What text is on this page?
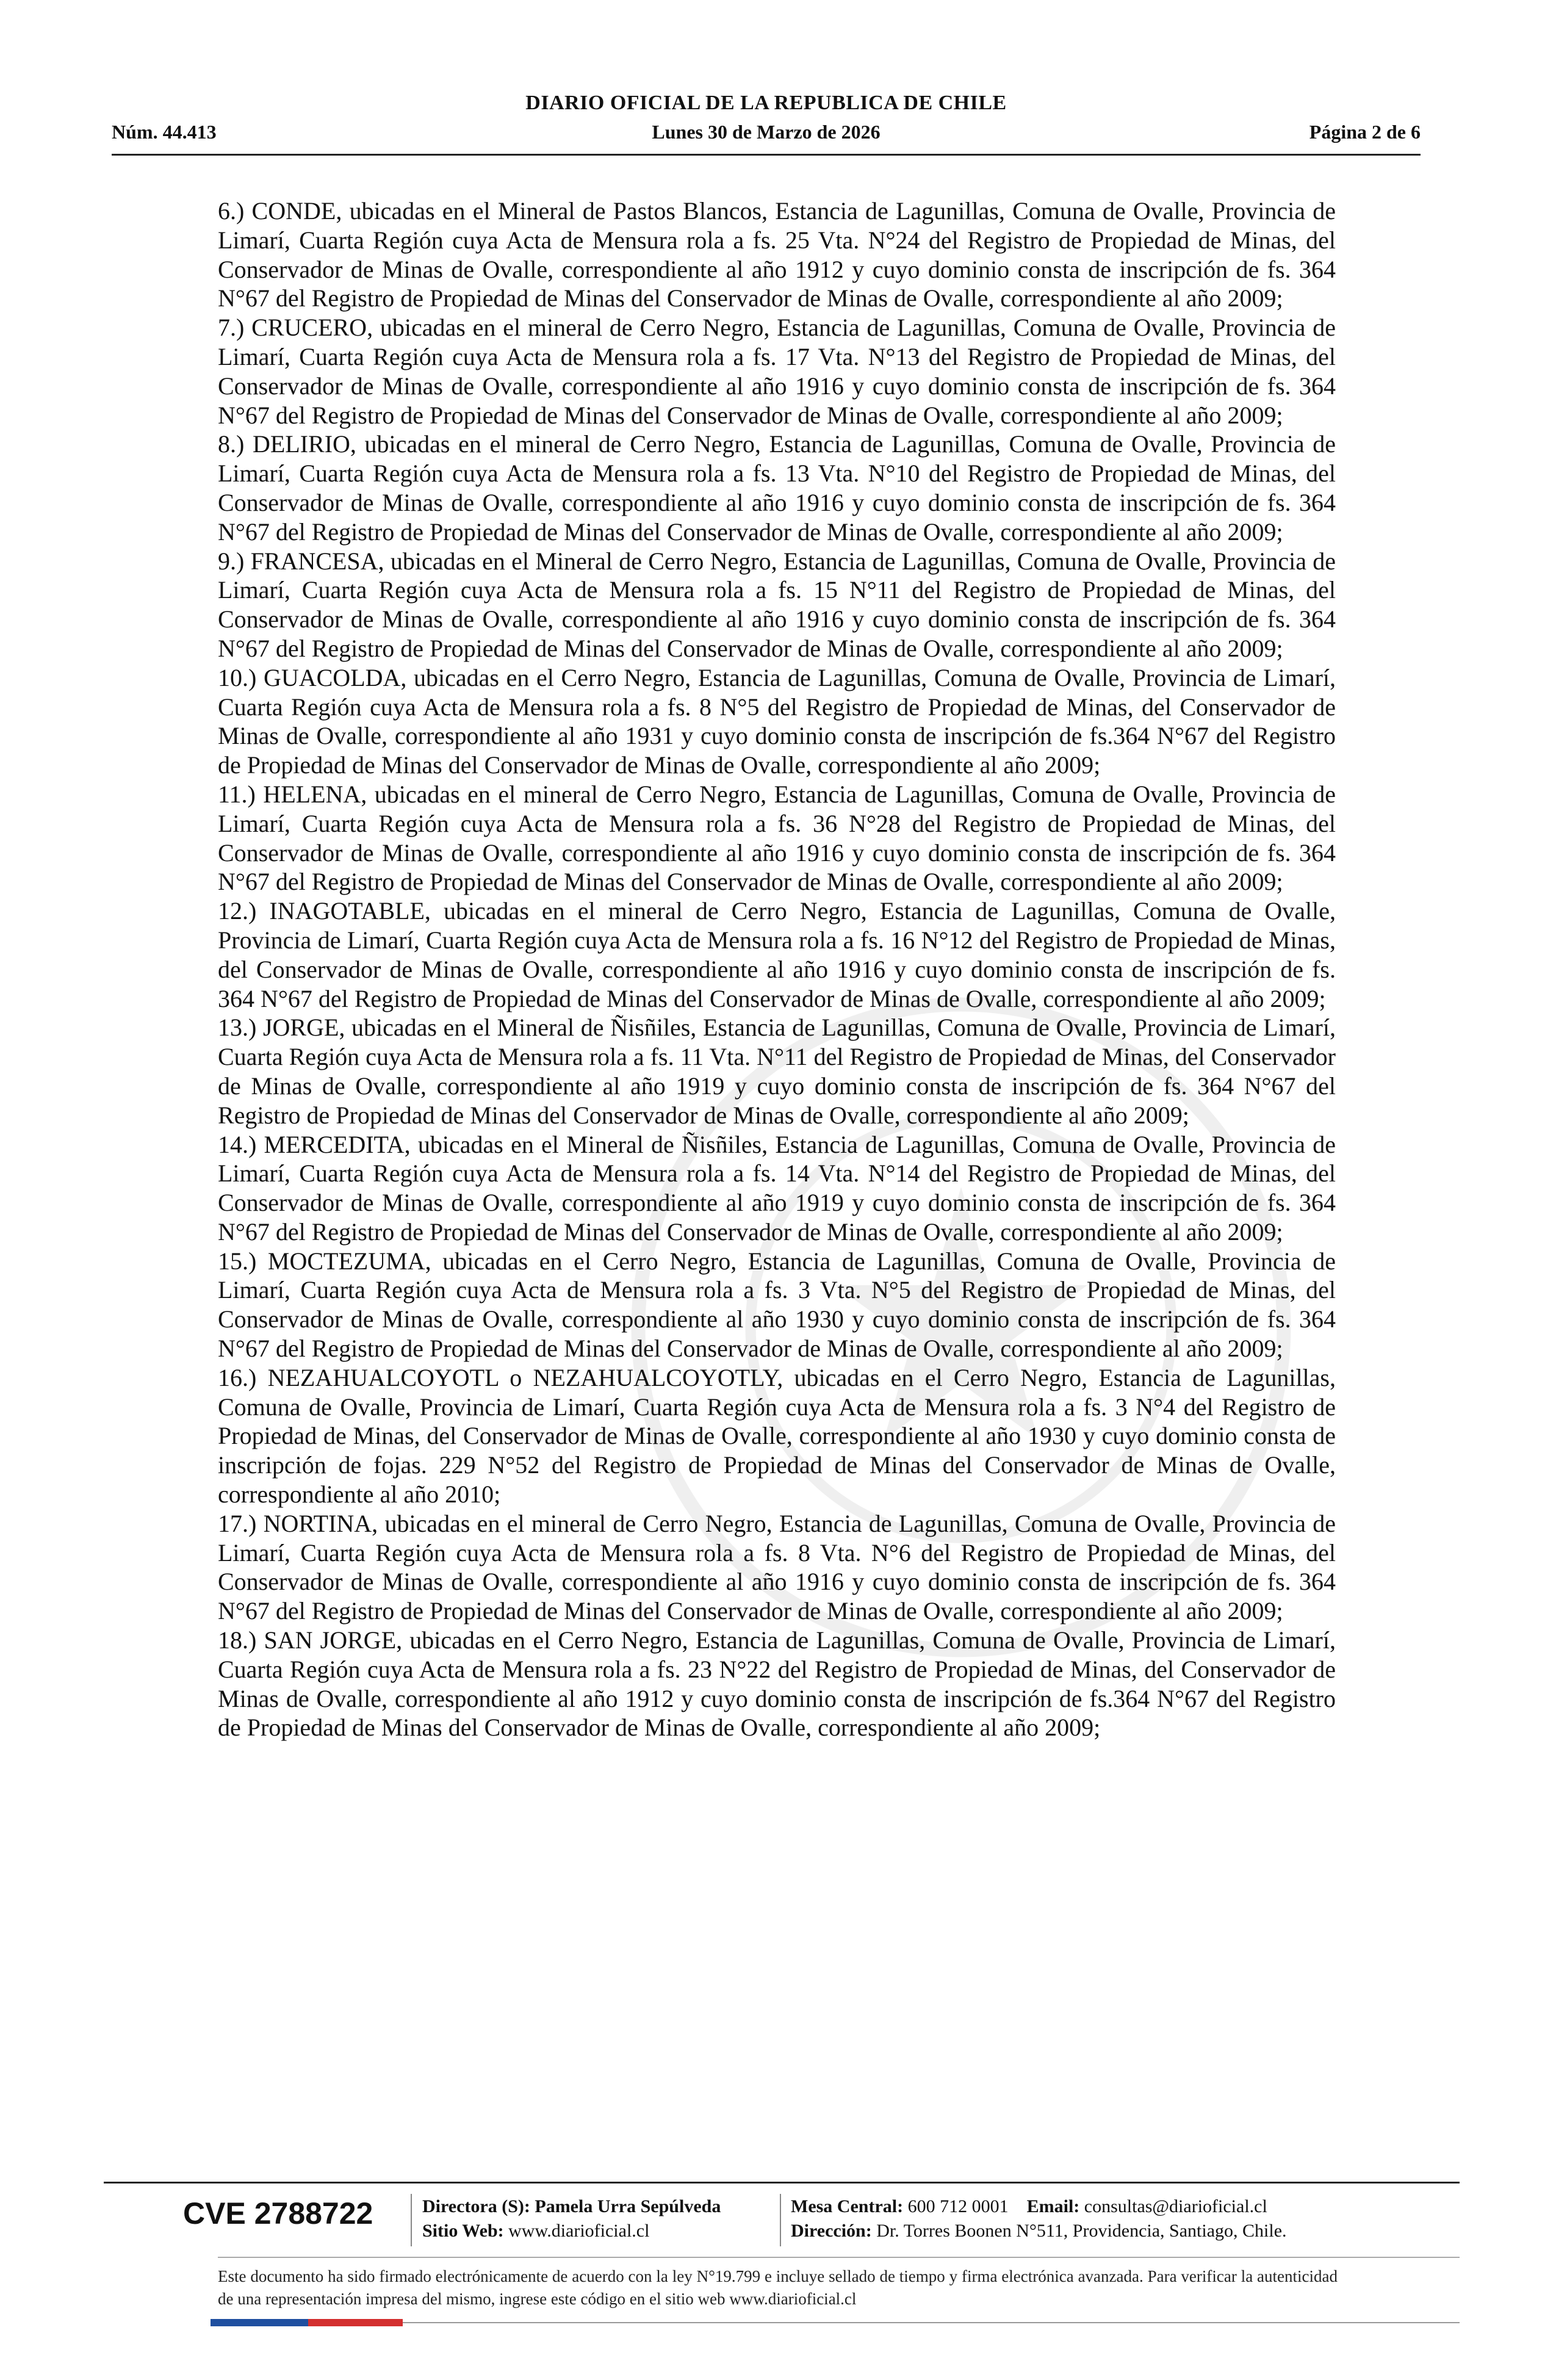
DIARIO OFICIAL DE LA REPUBLICA DE CHILE
Núm. 44.413	Lunes 30 de Marzo de 2026	Página 2 de 6

6.) CONDE, ubicadas en el Mineral de Pastos Blancos, Estancia de Lagunillas, Comuna de Ovalle, Provincia de Limarí, Cuarta Región cuya Acta de Mensura rola a fs. 25 Vta. N°24 del Registro de Propiedad de Minas, del Conservador de Minas de Ovalle, correspondiente al año 1912 y cuyo dominio consta de inscripción de fs. 364 N°67 del Registro de Propiedad de Minas del Conservador de Minas de Ovalle, correspondiente al año 2009;

7.) CRUCERO, ubicadas en el mineral de Cerro Negro, Estancia de Lagunillas, Comuna de Ovalle, Provincia de Limarí, Cuarta Región cuya Acta de Mensura rola a fs. 17 Vta. N°13 del Registro de Propiedad de Minas, del Conservador de Minas de Ovalle, correspondiente al año 1916 y cuyo dominio consta de inscripción de fs. 364 N°67 del Registro de Propiedad de Minas del Conservador de Minas de Ovalle, correspondiente al año 2009;

8.) DELIRIO, ubicadas en el mineral de Cerro Negro, Estancia de Lagunillas, Comuna de Ovalle, Provincia de Limarí, Cuarta Región cuya Acta de Mensura rola a fs. 13 Vta. N°10 del Registro de Propiedad de Minas, del Conservador de Minas de Ovalle, correspondiente al año 1916 y cuyo dominio consta de inscripción de fs. 364 N°67 del Registro de Propiedad de Minas del Conservador de Minas de Ovalle, correspondiente al año 2009;

9.) FRANCESA, ubicadas en el Mineral de Cerro Negro, Estancia de Lagunillas, Comuna de Ovalle, Provincia de Limarí, Cuarta Región cuya Acta de Mensura rola a fs. 15 N°11 del Registro de Propiedad de Minas, del Conservador de Minas de Ovalle, correspondiente al año 1916 y cuyo dominio consta de inscripción de fs. 364 N°67 del Registro de Propiedad de Minas del Conservador de Minas de Ovalle, correspondiente al año 2009;

10.) GUACOLDA, ubicadas en el Cerro Negro, Estancia de Lagunillas, Comuna de Ovalle, Provincia de Limarí, Cuarta Región cuya Acta de Mensura rola a fs. 8 N°5 del Registro de Propiedad de Minas, del Conservador de Minas de Ovalle, correspondiente al año 1931 y cuyo dominio consta de inscripción de fs.364 N°67 del Registro de Propiedad de Minas del Conservador de Minas de Ovalle, correspondiente al año 2009;

11.) HELENA, ubicadas en el mineral de Cerro Negro, Estancia de Lagunillas, Comuna de Ovalle, Provincia de Limarí, Cuarta Región cuya Acta de Mensura rola a fs. 36 N°28 del Registro de Propiedad de Minas, del Conservador de Minas de Ovalle, correspondiente al año 1916 y cuyo dominio consta de inscripción de fs. 364 N°67 del Registro de Propiedad de Minas del Conservador de Minas de Ovalle, correspondiente al año 2009;

12.) INAGOTABLE, ubicadas en el mineral de Cerro Negro, Estancia de Lagunillas, Comuna de Ovalle, Provincia de Limarí, Cuarta Región cuya Acta de Mensura rola a fs. 16 N°12 del Registro de Propiedad de Minas, del Conservador de Minas de Ovalle, correspondiente al año 1916 y cuyo dominio consta de inscripción de fs. 364 N°67 del Registro de Propiedad de Minas del Conservador de Minas de Ovalle, correspondiente al año 2009;

13.) JORGE, ubicadas en el Mineral de Ñisñiles, Estancia de Lagunillas, Comuna de Ovalle, Provincia de Limarí, Cuarta Región cuya Acta de Mensura rola a fs. 11 Vta. N°11 del Registro de Propiedad de Minas, del Conservador de Minas de Ovalle, correspondiente al año 1919 y cuyo dominio consta de inscripción de fs. 364 N°67 del Registro de Propiedad de Minas del Conservador de Minas de Ovalle, correspondiente al año 2009;

14.) MERCEDITA, ubicadas en el Mineral de Ñisñiles, Estancia de Lagunillas, Comuna de Ovalle, Provincia de Limarí, Cuarta Región cuya Acta de Mensura rola a fs. 14 Vta. N°14 del Registro de Propiedad de Minas, del Conservador de Minas de Ovalle, correspondiente al año 1919 y cuyo dominio consta de inscripción de fs. 364 N°67 del Registro de Propiedad de Minas del Conservador de Minas de Ovalle, correspondiente al año 2009;

15.) MOCTEZUMA, ubicadas en el Cerro Negro, Estancia de Lagunillas, Comuna de Ovalle, Provincia de Limarí, Cuarta Región cuya Acta de Mensura rola a fs. 3 Vta. N°5 del Registro de Propiedad de Minas, del Conservador de Minas de Ovalle, correspondiente al año 1930 y cuyo dominio consta de inscripción de fs. 364 N°67 del Registro de Propiedad de Minas del Conservador de Minas de Ovalle, correspondiente al año 2009;

16.) NEZAHUALCOYOTL o NEZAHUALCOYOTLY, ubicadas en el Cerro Negro, Estancia de Lagunillas, Comuna de Ovalle, Provincia de Limarí, Cuarta Región cuya Acta de Mensura rola a fs. 3 N°4 del Registro de Propiedad de Minas, del Conservador de Minas de Ovalle, correspondiente al año 1930 y cuyo dominio consta de inscripción de fojas. 229 N°52 del Registro de Propiedad de Minas del Conservador de Minas de Ovalle, correspondiente al año 2010;

17.) NORTINA, ubicadas en el mineral de Cerro Negro, Estancia de Lagunillas, Comuna de Ovalle, Provincia de Limarí, Cuarta Región cuya Acta de Mensura rola a fs. 8 Vta. N°6 del Registro de Propiedad de Minas, del Conservador de Minas de Ovalle, correspondiente al año 1916 y cuyo dominio consta de inscripción de fs. 364 N°67 del Registro de Propiedad de Minas del Conservador de Minas de Ovalle, correspondiente al año 2009;

18.) SAN JORGE, ubicadas en el Cerro Negro, Estancia de Lagunillas, Comuna de Ovalle, Provincia de Limarí, Cuarta Región cuya Acta de Mensura rola a fs. 23 N°22 del Registro de Propiedad de Minas, del Conservador de Minas de Ovalle, correspondiente al año 1912 y cuyo dominio consta de inscripción de fs.364 N°67 del Registro de Propiedad de Minas del Conservador de Minas de Ovalle, correspondiente al año 2009;

CVE 2788722	Directora (S): Pamela Urra Sepúlveda
Sitio Web: www.diarioficial.cl
Mesa Central: 600 712 0001 Email: consultas@diarioficial.cl
Dirección: Dr. Torres Boonen N°511, Providencia, Santiago, Chile.
Este documento ha sido firmado electrónicamente de acuerdo con la ley N°19.799 e incluye sellado de tiempo y firma electrónica avanzada. Para verificar la autenticidad de una representación impresa del mismo, ingrese este código en el sitio web www.diarioficial.cl
